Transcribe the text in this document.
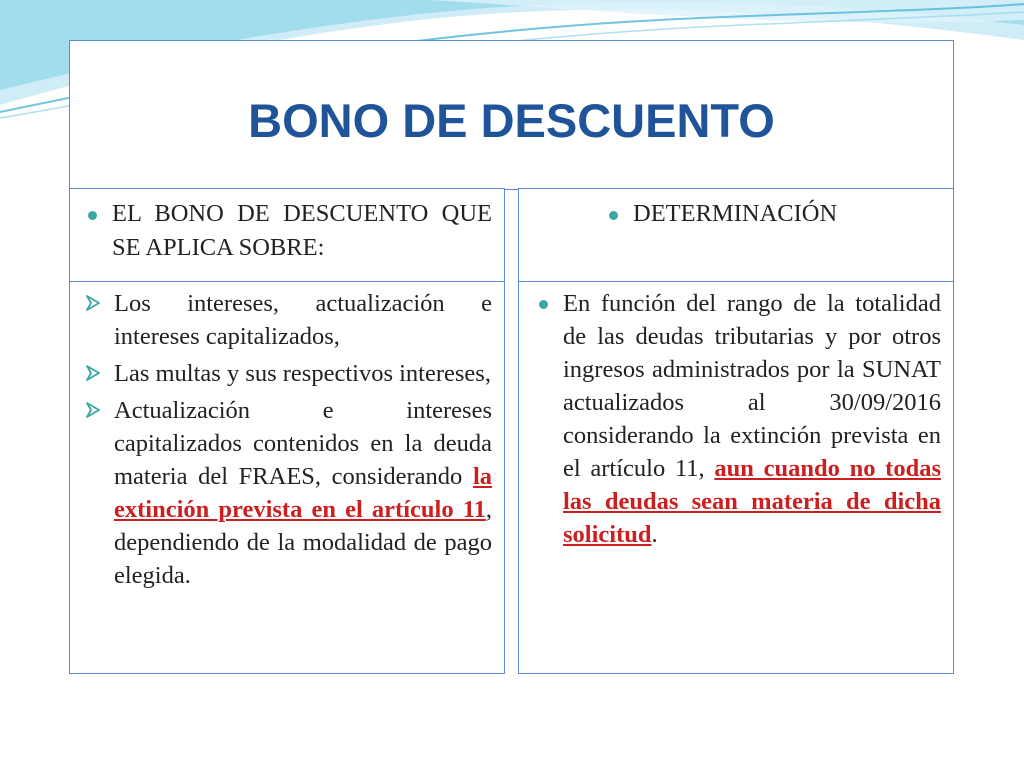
BONO DE DESCUENTO
EL BONO DE DESCUENTO QUE SE APLICA SOBRE:
Los intereses, actualización e intereses capitalizados,
Las multas y sus respectivos intereses,
Actualización e intereses capitalizados contenidos en la deuda materia del FRAES, considerando la extinción prevista en el artículo 11, dependiendo de la modalidad de pago elegida.
DETERMINACIÓN
En función del rango de la totalidad de las deudas tributarias y por otros ingresos administrados por la SUNAT actualizados al 30/09/2016 considerando la extinción prevista en el artículo 11, aun cuando no todas las deudas sean materia de dicha solicitud.
